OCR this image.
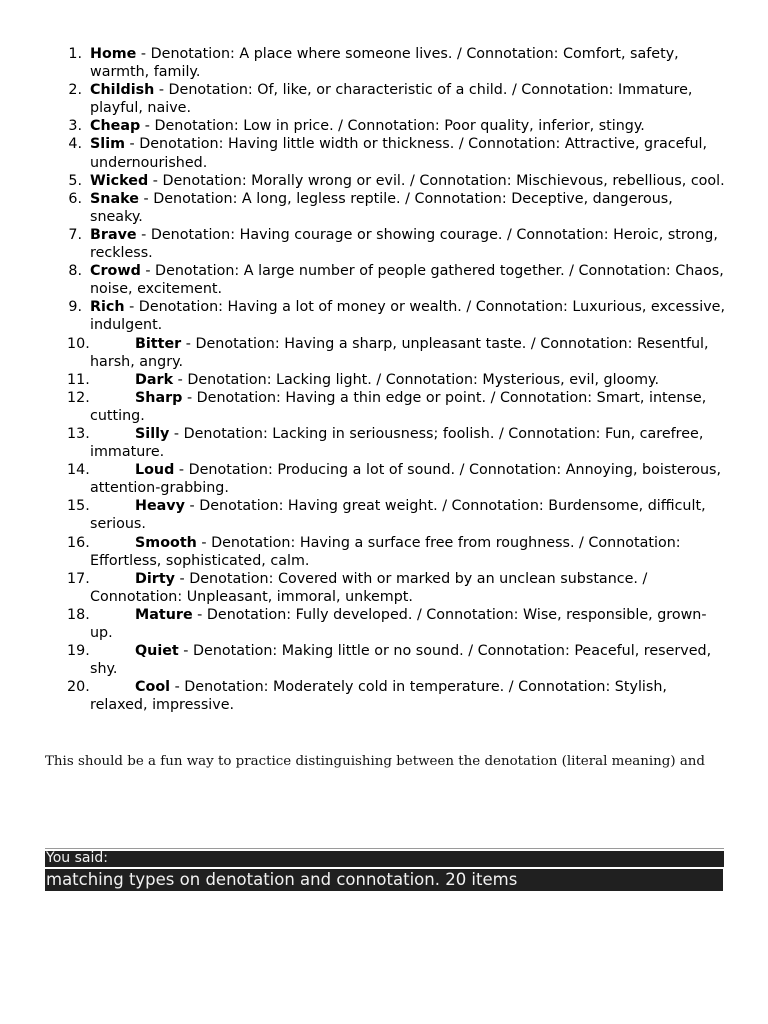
1. Home - Denotation: A place where someone lives. / Connotation: Comfort, safety, warmth, family.
2. Childish - Denotation: Of, like, or characteristic of a child. / Connotation: Immature, playful, naive.
3. Cheap - Denotation: Low in price. / Connotation: Poor quality, inferior, stingy.
4. Slim - Denotation: Having little width or thickness. / Connotation: Attractive, graceful, undernourished.
5. Wicked - Denotation: Morally wrong or evil. / Connotation: Mischievous, rebellious, cool.
6. Snake - Denotation: A long, legless reptile. / Connotation: Deceptive, dangerous, sneaky.
7. Brave - Denotation: Having courage or showing courage. / Connotation: Heroic, strong, reckless.
8. Crowd - Denotation: A large number of people gathered together. / Connotation: Chaos, noise, excitement.
9. Rich - Denotation: Having a lot of money or wealth. / Connotation: Luxurious, excessive, indulgent.
10.	Bitter - Denotation: Having a sharp, unpleasant taste. / Connotation: Resentful, harsh, angry.
11.	Dark - Denotation: Lacking light. / Connotation: Mysterious, evil, gloomy.
12.	Sharp - Denotation: Having a thin edge or point. / Connotation: Smart, intense, cutting.
13.	Silly - Denotation: Lacking in seriousness; foolish. / Connotation: Fun, carefree, immature.
14.	Loud - Denotation: Producing a lot of sound. / Connotation: Annoying, boisterous, attention-grabbing.
15.	Heavy - Denotation: Having great weight. / Connotation: Burdensome, difficult, serious.
16.	Smooth - Denotation: Having a surface free from roughness. / Connotation: Effortless, sophisticated, calm.
17.	Dirty - Denotation: Covered with or marked by an unclean substance. / Connotation: Unpleasant, immoral, unkempt.
18.	Mature - Denotation: Fully developed. / Connotation: Wise, responsible, grown-up.
19.	Quiet - Denotation: Making little or no sound. / Connotation: Peaceful, reserved, shy.
20.	Cool - Denotation: Moderately cold in temperature. / Connotation: Stylish, relaxed, impressive.

This should be a fun way to practice distinguishing between the denotation (literal meaning) and

You said:
matching types on denotation and connotation. 20 items
